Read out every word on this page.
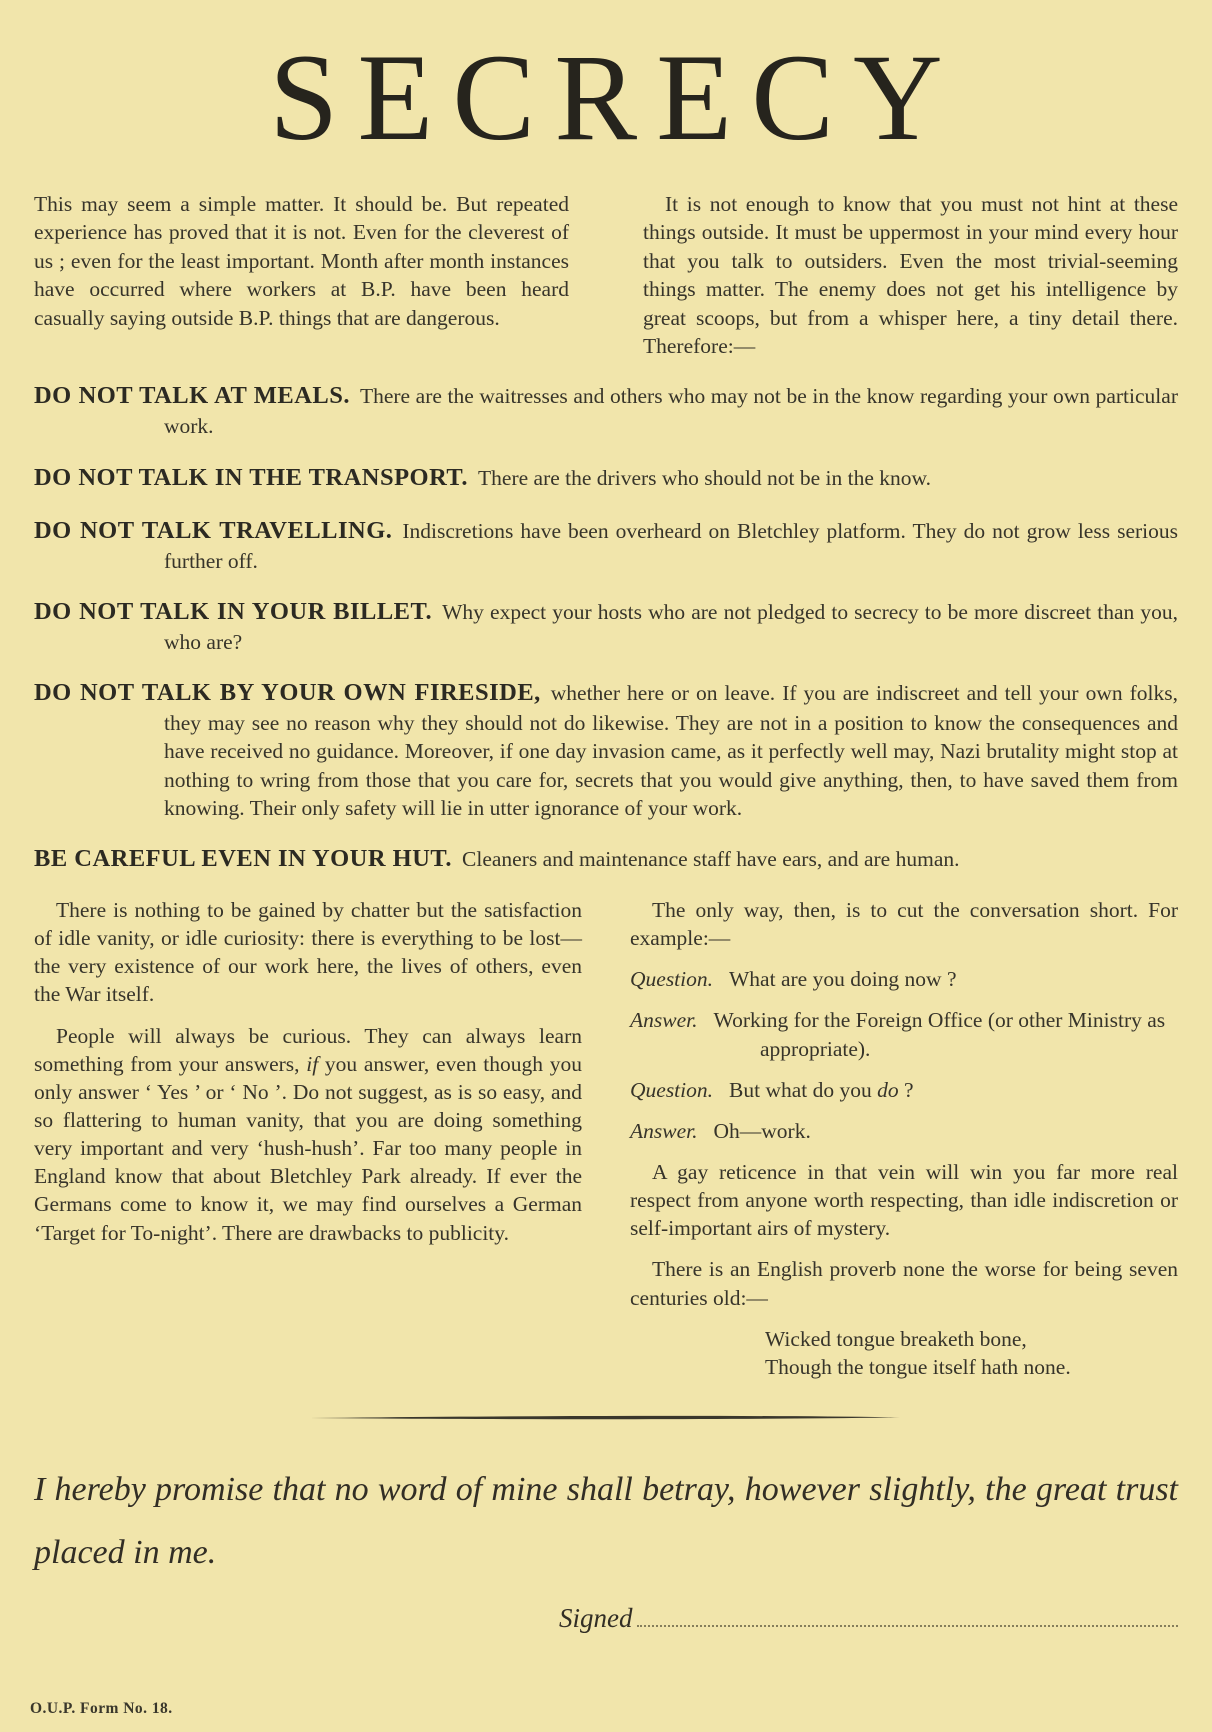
SECRECY
This may seem a simple matter. It should be. But repeated experience has proved that it is not. Even for the cleverest of us ; even for the least important. Month after month instances have occurred where workers at B.P. have been heard casually saying outside B.P. things that are dangerous.
It is not enough to know that you must not hint at these things outside. It must be uppermost in your mind every hour that you talk to outsiders. Even the most trivial-seeming things matter. The enemy does not get his intelligence by great scoops, but from a whisper here, a tiny detail there. Therefore:—

DO NOT TALK AT MEALS. There are the waitresses and others who may not be in the know regarding your own particular work.

DO NOT TALK IN THE TRANSPORT. There are the drivers who should not be in the know.

DO NOT TALK TRAVELLING. Indiscretions have been overheard on Bletchley platform. They do not grow less serious further off.

DO NOT TALK IN YOUR BILLET. Why expect your hosts who are not pledged to secrecy to be more discreet than you, who are?

DO NOT TALK BY YOUR OWN FIRESIDE, whether here or on leave. If you are indiscreet and tell your own folks, they may see no reason why they should not do likewise. They are not in a position to know the consequences and have received no guidance. Moreover, if one day invasion came, as it perfectly well may, Nazi brutality might stop at nothing to wring from those that you care for, secrets that you would give anything, then, to have saved them from knowing. Their only safety will lie in utter ignorance of your work.

BE CAREFUL EVEN IN YOUR HUT. Cleaners and maintenance staff have ears, and are human.

There is nothing to be gained by chatter but the satisfaction of idle vanity, or idle curiosity: there is everything to be lost—the very existence of our work here, the lives of others, even the War itself.

People will always be curious. They can always learn something from your answers, if you answer, even though you only answer ‘ Yes ’ or ‘ No ’. Do not suggest, as is so easy, and so flattering to human vanity, that you are doing something very important and very ‘hush-hush’. Far too many people in England know that about Bletchley Park already. If ever the Germans come to know it, we may find ourselves a German ‘Target for To-night’. There are drawbacks to publicity.

The only way, then, is to cut the conversation short. For example:—

Question. What are you doing now ?

Answer. Working for the Foreign Office (or other Ministry as appropriate).

Question. But what do you do ?

Answer. Oh—work.

A gay reticence in that vein will win you far more real respect from anyone worth respecting, than idle indiscretion or self-important airs of mystery.

There is an English proverb none the worse for being seven centuries old:—

Wicked tongue breaketh bone,
Though the tongue itself hath none.

I hereby promise that no word of mine shall betray, however slightly, the great trust placed in me.

Signed
O.U.P. Form No. 18.
